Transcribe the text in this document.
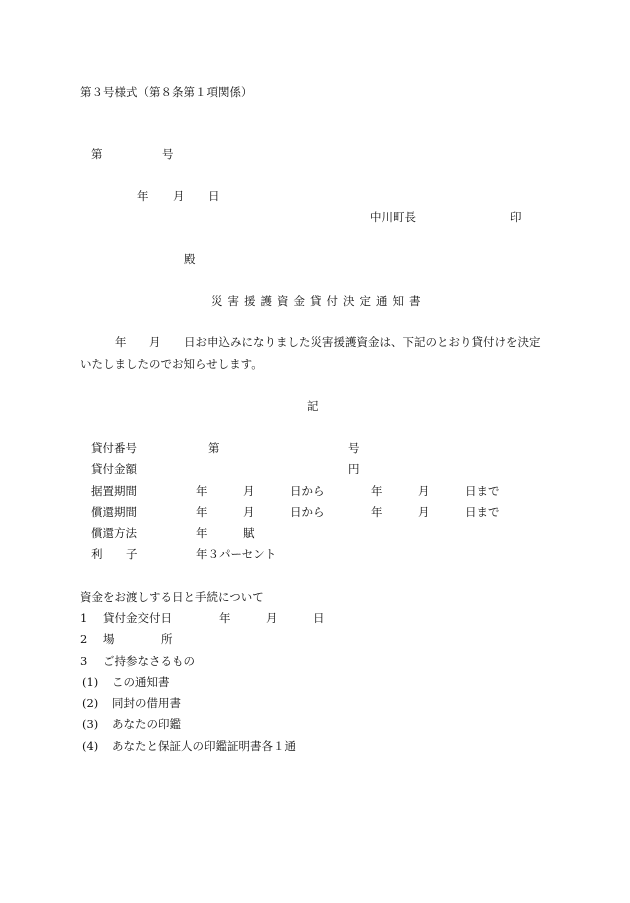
第３号様式（第８条第１項関係）
第	号
年 月 日
中川町長	印
殿
災害援護資金貸付決定通知書
年 月 日お申込みになりました災害援護資金は、下記のとおり貸付けを決定
いたしましたのでお知らせします。
記
貸付番号	第	号
貸付金額	円
据置期間	年	月	日から	年	月	日まで
償還期間	年	月	日から	年	月	日まで
償還方法	年	賦
利 子	年３パーセント
資金をお渡しする日と手続について
1 貸付金交付日	年	月	日
2 場	所
3 ご持参なさるもの
(1) この通知書
(2) 同封の借用書
(3) あなたの印鑑
(4) あなたと保証人の印鑑証明書各１通
